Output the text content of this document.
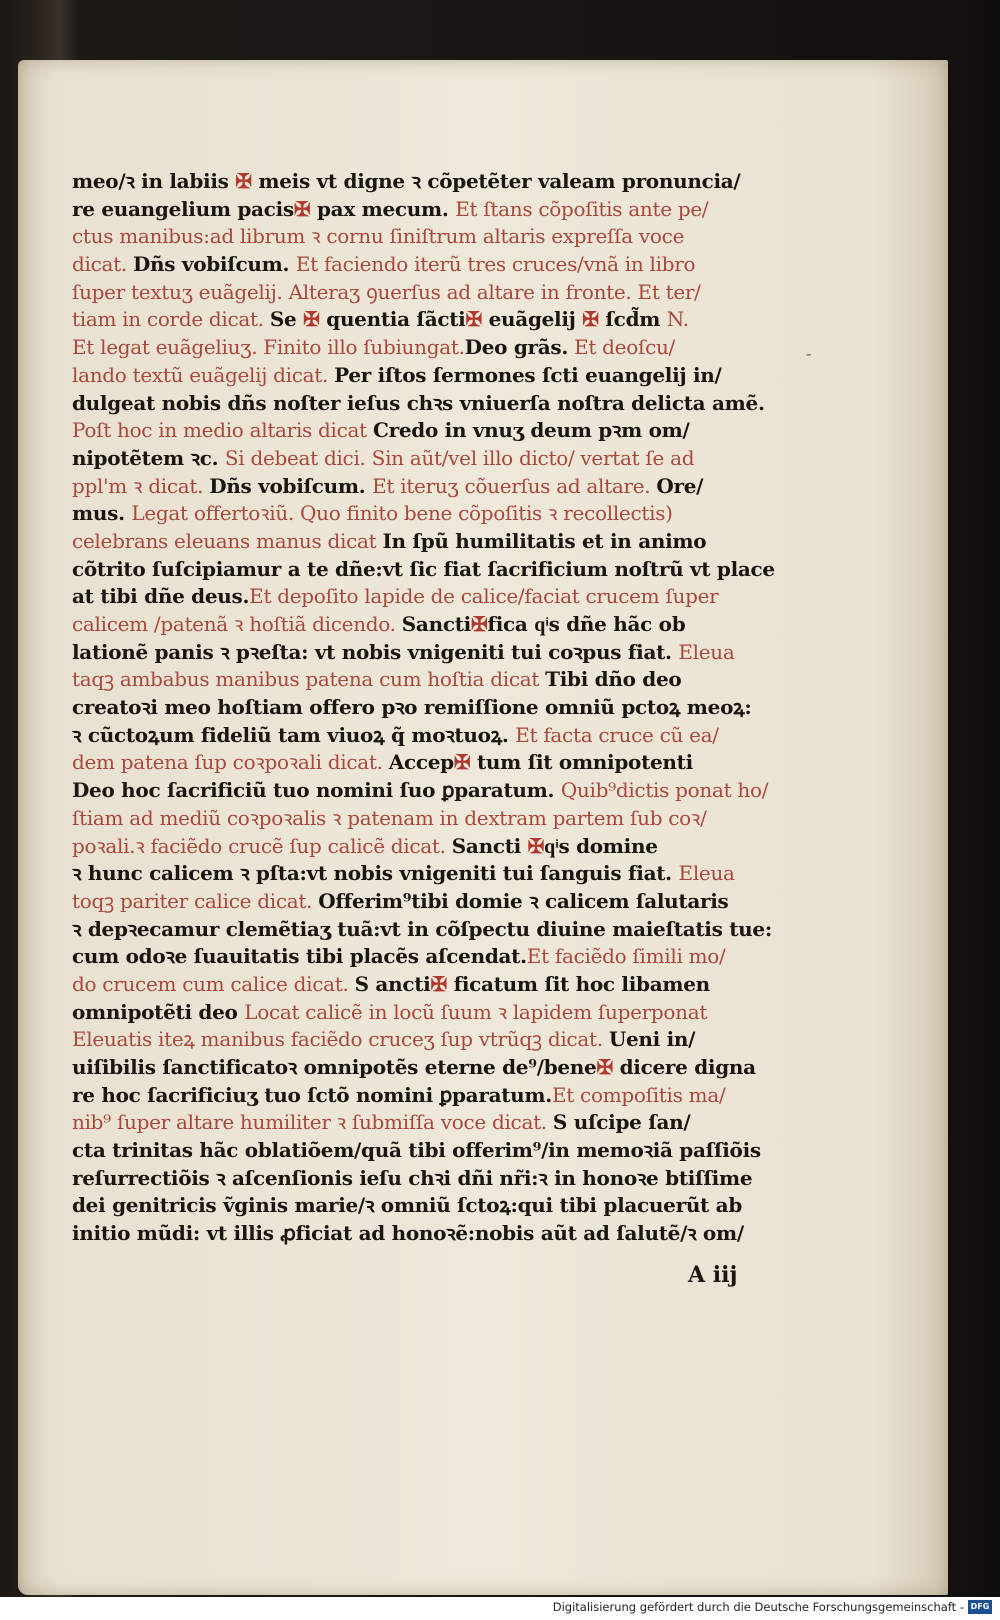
meo/ꝛ in labiis ✠ meis vt digne ꝛ cõpetẽter valeam pronuncia/
re euangelium pacis✠ pax mecum. Et ſtans cõpoſitis ante pe/
ctus manibus:ad librum ꝛ cornu ſiniſtrum altaris expreſſa voce
dicat. Dñs vobiſcum. Et faciendo iterũ tres cruces/vnã in libro
ſuper textuʒ euãgelij. Alteraʒ ꝯuerſus ad altare in fronte. Et ter/
tiam in corde dicat. Se ✠ quentia ſãcti✠ euãgelij ✠ ſcd̃m N.
Et legat euãgeliuʒ. Finito illo ſubiungat.Deo grãs. Et deoſcu/
lando textũ euãgelij dicat. Per iſtos ſermones ſcti euangelij in/
dulgeat nobis dñs noſter ieſus chꝛs vniuerſa noſtra delicta amẽ.
Poſt hoc in medio altaris dicat Credo in vnuʒ deum pꝛm om/
nipotẽtem ꝛc. Si debeat dici. Sin aũt/vel illo dicto/ vertat ſe ad
ppl'm ꝛ dicat. Dñs vobiſcum. Et iteruʒ cõuerſus ad altare. Ore/
mus. Legat offertoꝛiũ. Quo finito bene cõpoſitis ꝛ recollectis)
celebrans eleuans manus dicat In ſpũ humilitatis et in animo
cõtrito ſuſcipiamur a te dñe:vt ſic fiat ſacrificium noſtrũ vt place
at tibi dñe deus.Et depoſito lapide de calice/faciat crucem ſuper
calicem /patenã ꝛ hoſtiã dicendo. Sancti✠fica qͥs dñe hãc ob
lationẽ panis ꝛ pꝛeſta: vt nobis vnigeniti tui coꝛpus fiat. Eleua
taqꝫ ambabus manibus patena cum hoſtia dicat Tibi dño deo
creatoꝛi meo hoſtiam offero pꝛo remiſſione omniũ pctoꝝ meoꝝ:
ꝛ cũctoꝝum fideliũ tam viuoꝝ q̃ moꝛtuoꝝ. Et facta cruce cũ ea/
dem patena ſup coꝛpoꝛali dicat. Accep✠ tum ſit omnipotenti
Deo hoc ſacrificiũ tuo nomini ſuo ꝑparatum. Quib⁹dictis ponat ho/
ſtiam ad mediũ coꝛpoꝛalis ꝛ patenam in dextram partem ſub coꝛ/
poꝛali.ꝛ faciẽdo crucẽ ſup calicẽ dicat. Sancti ✠qͥs domine
ꝛ hunc calicem ꝛ pſta:vt nobis vnigeniti tui ſanguis fiat. Eleua
toqꝫ pariter calice dicat. Offerim⁹tibi domie ꝛ calicem ſalutaris
ꝛ depꝛecamur clemẽtiaʒ tuã:vt in cõſpectu diuine maieſtatis tue:
cum odoꝛe ſuauitatis tibi placẽs aſcendat.Et faciẽdo ſimili mo/
do crucem cum calice dicat. S ancti✠ ficatum ſit hoc libamen
omnipotẽti deo Locat calicẽ in locũ ſuum ꝛ lapidem ſuperponat
Eleuatis iteꝝ manibus faciẽdo cruceʒ ſup vtrũqꝫ dicat. Ueni in/
uiſibilis ſanctificatoꝛ omnipotẽs eterne de⁹/bene✠ dicere digna
re hoc ſacrificiuʒ tuo ſctõ nomini ꝑparatum.Et compoſitis ma/
nib⁹ ſuper altare humiliter ꝛ ſubmiſſa voce dicat. S uſcipe ſan/
cta trinitas hãc oblatiõem/quã tibi offerim⁹/in memoꝛiã paſſiõis
reſurrectiõis ꝛ aſcenſionis ieſu chꝛi dñi nr̃i:ꝛ in honoꝛe btiſſime
dei genitricis ṽginis marie/ꝛ omniũ ſctoꝝ:qui tibi placuerũt ab
initio mũdi: vt illis ꝓficiat ad honoꝛẽ:nobis aũt ad ſalutẽ/ꝛ om/
-
A iij
Digitalisierung gefördert durch die Deutsche Forschungsgemeinschaft - DFG
